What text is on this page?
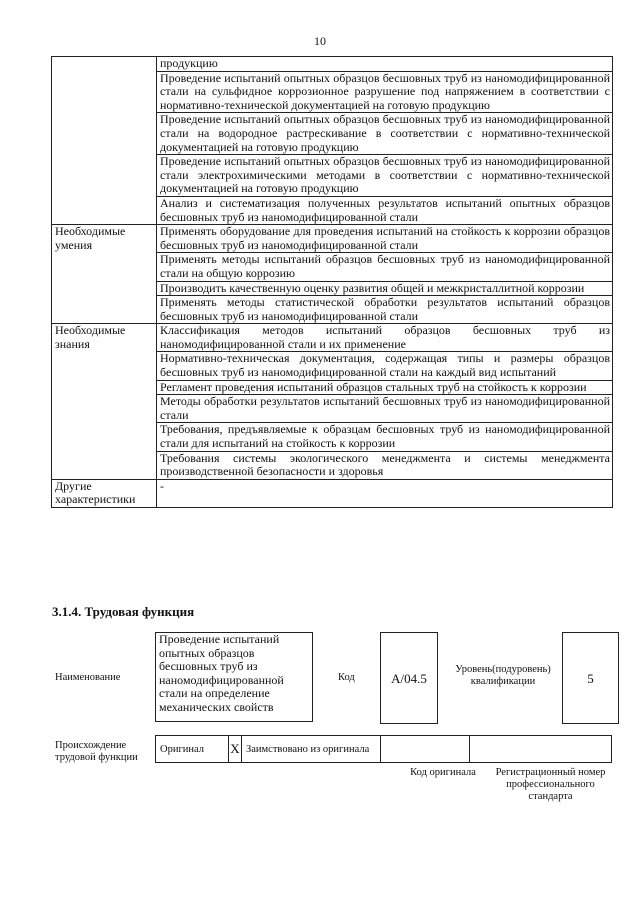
10
	продукцию
	Проведение испытаний опытных образцов бесшовных труб из наномодифицированной стали на сульфидное коррозионное разрушение под напряжением в соответствии с нормативно-технической документацией на готовую продукцию
	Проведение испытаний опытных образцов бесшовных труб из наномодифицированной стали на водородное растрескивание в соответствии с нормативно-технической документацией на готовую продукцию
	Проведение испытаний опытных образцов бесшовных труб из наномодифицированной стали электрохимическими методами в соответствии с нормативно-технической документацией на готовую продукцию
	Анализ и систематизация полученных результатов испытаний опытных образцов бесшовных труб из наномодифицированной стали
Необходимые умения	Применять оборудование для проведения испытаний на стойкость к коррозии образцов бесшовных труб из наномодифицированной стали
	Применять методы испытаний образцов бесшовных труб из наномодифицированной стали на общую коррозию
	Производить качественную оценку развития общей и межкристаллитной коррозии
	Применять методы статистической обработки результатов испытаний образцов бесшовных труб из наномодифицированной стали
Необходимые знания	Классификация методов испытаний образцов бесшовных труб из наномодифицированной стали и их применение
	Нормативно-техническая документация, содержащая типы и размеры образцов бесшовных труб из наномодифицированной стали на каждый вид испытаний
	Регламент проведения испытаний образцов стальных труб на стойкость к коррозии
	Методы обработки результатов испытаний бесшовных труб из наномодифицированной стали
	Требования, предъявляемые к образцам бесшовных труб из наномодифицированной стали для испытаний на стойкость к коррозии
	Требования системы экологического менеджмента и системы менеджмента производственной безопасности и здоровья
Другие характеристики	-
3.1.4. Трудовая функция
Наименование
Проведение испытаний опытных образцов бесшовных труб из наномодифицированной стали на определение механических свойств
Код	A/04.5
Уровень(подуровень) квалификации	5
Происхождение трудовой функции
Оригинал	X	Заимствовано из оригинала		
Код оригинала	Регистрационный номер профессионального стандарта
